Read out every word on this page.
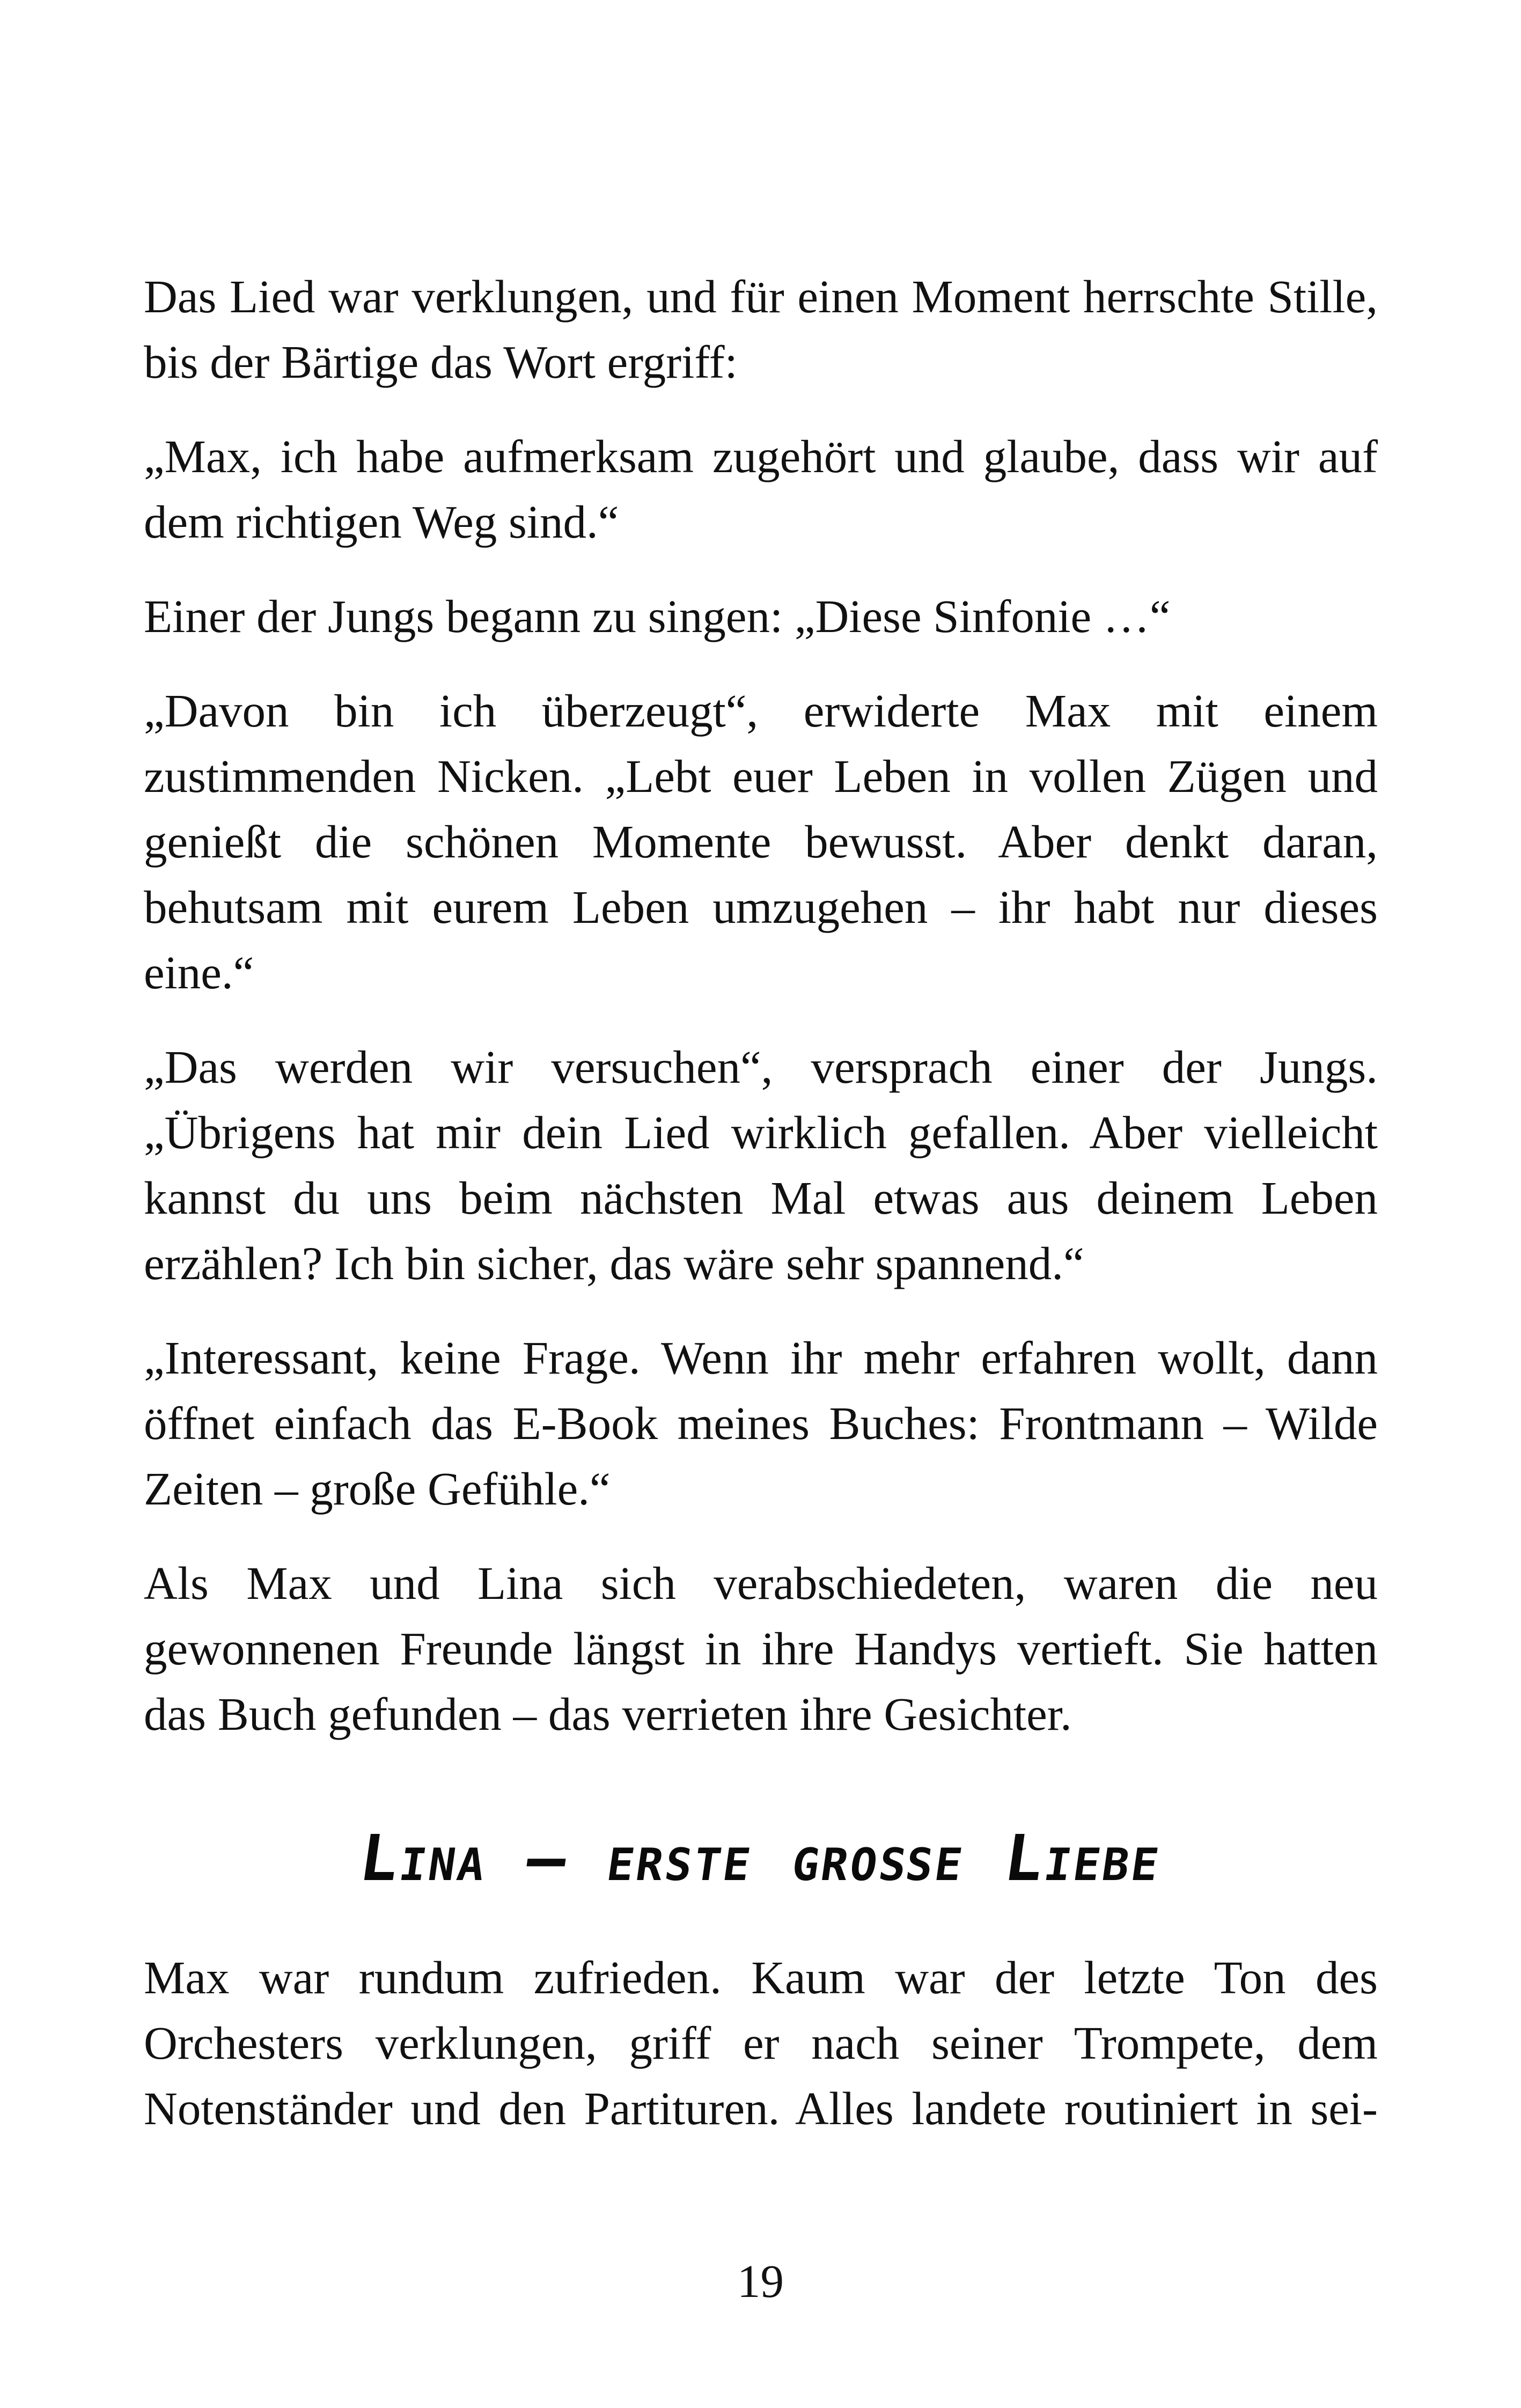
Das Lied war verklungen, und für einen Moment herrschte Stille, bis der Bärtige das Wort ergriff:

„Max, ich habe aufmerksam zugehört und glaube, dass wir auf dem richtigen Weg sind.“

Einer der Jungs begann zu singen: „Diese Sinfonie …“

„Davon bin ich überzeugt“, erwiderte Max mit einem zustimmenden Nicken. „Lebt euer Leben in vollen Zügen und genießt die schönen Momente bewusst. Aber denkt daran, behutsam mit eurem Leben umzugehen – ihr habt nur dieses eine.“

„Das werden wir versuchen“, versprach einer der Jungs. „Übrigens hat mir dein Lied wirklich gefallen. Aber vielleicht kannst du uns beim nächsten Mal etwas aus deinem Leben erzählen? Ich bin sicher, das wäre sehr spannend.“

„Interessant, keine Frage. Wenn ihr mehr erfahren wollt, dann öffnet einfach das E-Book meines Buches: Frontmann – Wilde Zeiten – große Gefühle.“

Als Max und Lina sich verabschiedeten, waren die neu gewonnenen Freunde längst in ihre Handys vertieft. Sie hatten das Buch gefunden – das verrieten ihre Gesichter.

Lina – erste große Liebe

Max war rundum zufrieden. Kaum war der letzte Ton des Orchesters verklungen, griff er nach seiner Trompete, dem Notenständer und den Partituren. Alles landete routiniert in sei-

19
